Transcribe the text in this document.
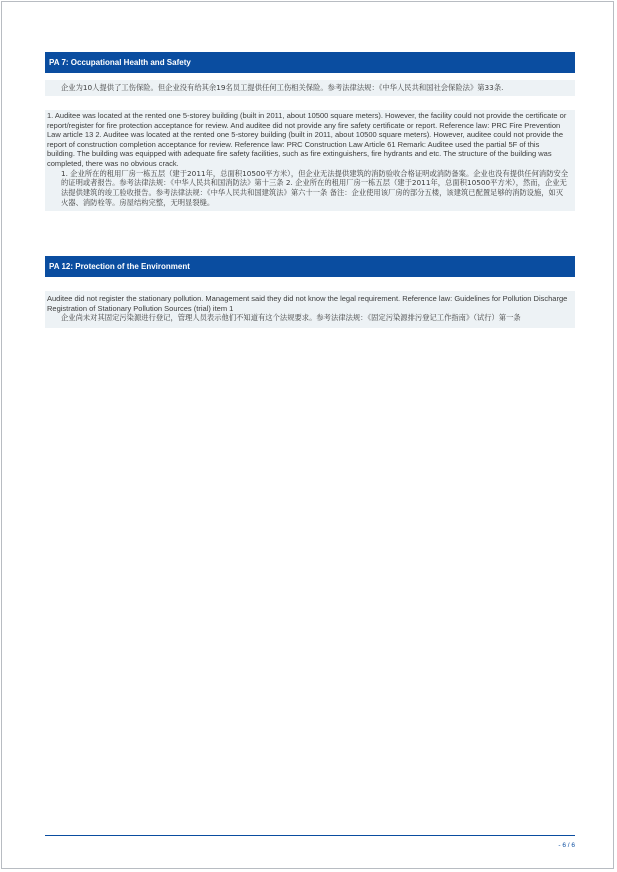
PA 7: Occupational Health and Safety

企业为10人提供了工伤保险。但企业没有给其余19名员工提供任何工伤相关保险。参考法律法规：《中华人民共和国社会保险法》第33条.

1. Auditee was located at the rented one 5-storey building (built in 2011, about 10500 square meters). However, the facility could not provide the certificate or report/register for fire protection acceptance for review. And auditee did not provide any fire safety certificate or report. Reference law: PRC Fire Prevention Law article 13 2. Auditee was located at the rented one 5-storey building (built in 2011, about 10500 square meters). However, auditee could not provide the report of construction completion acceptance for review. Reference law: PRC Construction Law Article 61 Remark: Auditee used the partial 5F of this building. The building was equipped with adequate fire safety facilities, such as fire extinguishers, fire hydrants and etc. The structure of the building was completed, there was no obvious crack.

1. 企业所在的租用厂房一栋五层（建于2011年，总面积10500平方米），但企业无法提供建筑的消防验收合格证明或消防备案。企业也没有提供任何消防安全的证明或者报告。参考法律法规：《中华人民共和国消防法》第十三条 2. 企业所在的租用厂房一栋五层（建于2011年，总面积10500平方米），然而，企业无法提供建筑的竣工验收报告。参考法律法规：《中华人民共和国建筑法》第六十一条 备注：企业使用该厂房的部分五楼，该建筑已配置足够的消防设施，如灭火器、消防栓等。房屋结构完整，无明显裂缝。

PA 12: Protection of the Environment

Auditee did not register the stationary pollution. Management said they did not know the legal requirement. Reference law: Guidelines for Pollution Discharge Registration of Stationary Pollution Sources (trial) item 1

企业尚未对其固定污染源进行登记，管理人员表示他们不知道有这个法规要求。参考法律法规：《固定污染源排污登记工作指南》（试行）第一条

- 6 / 6
